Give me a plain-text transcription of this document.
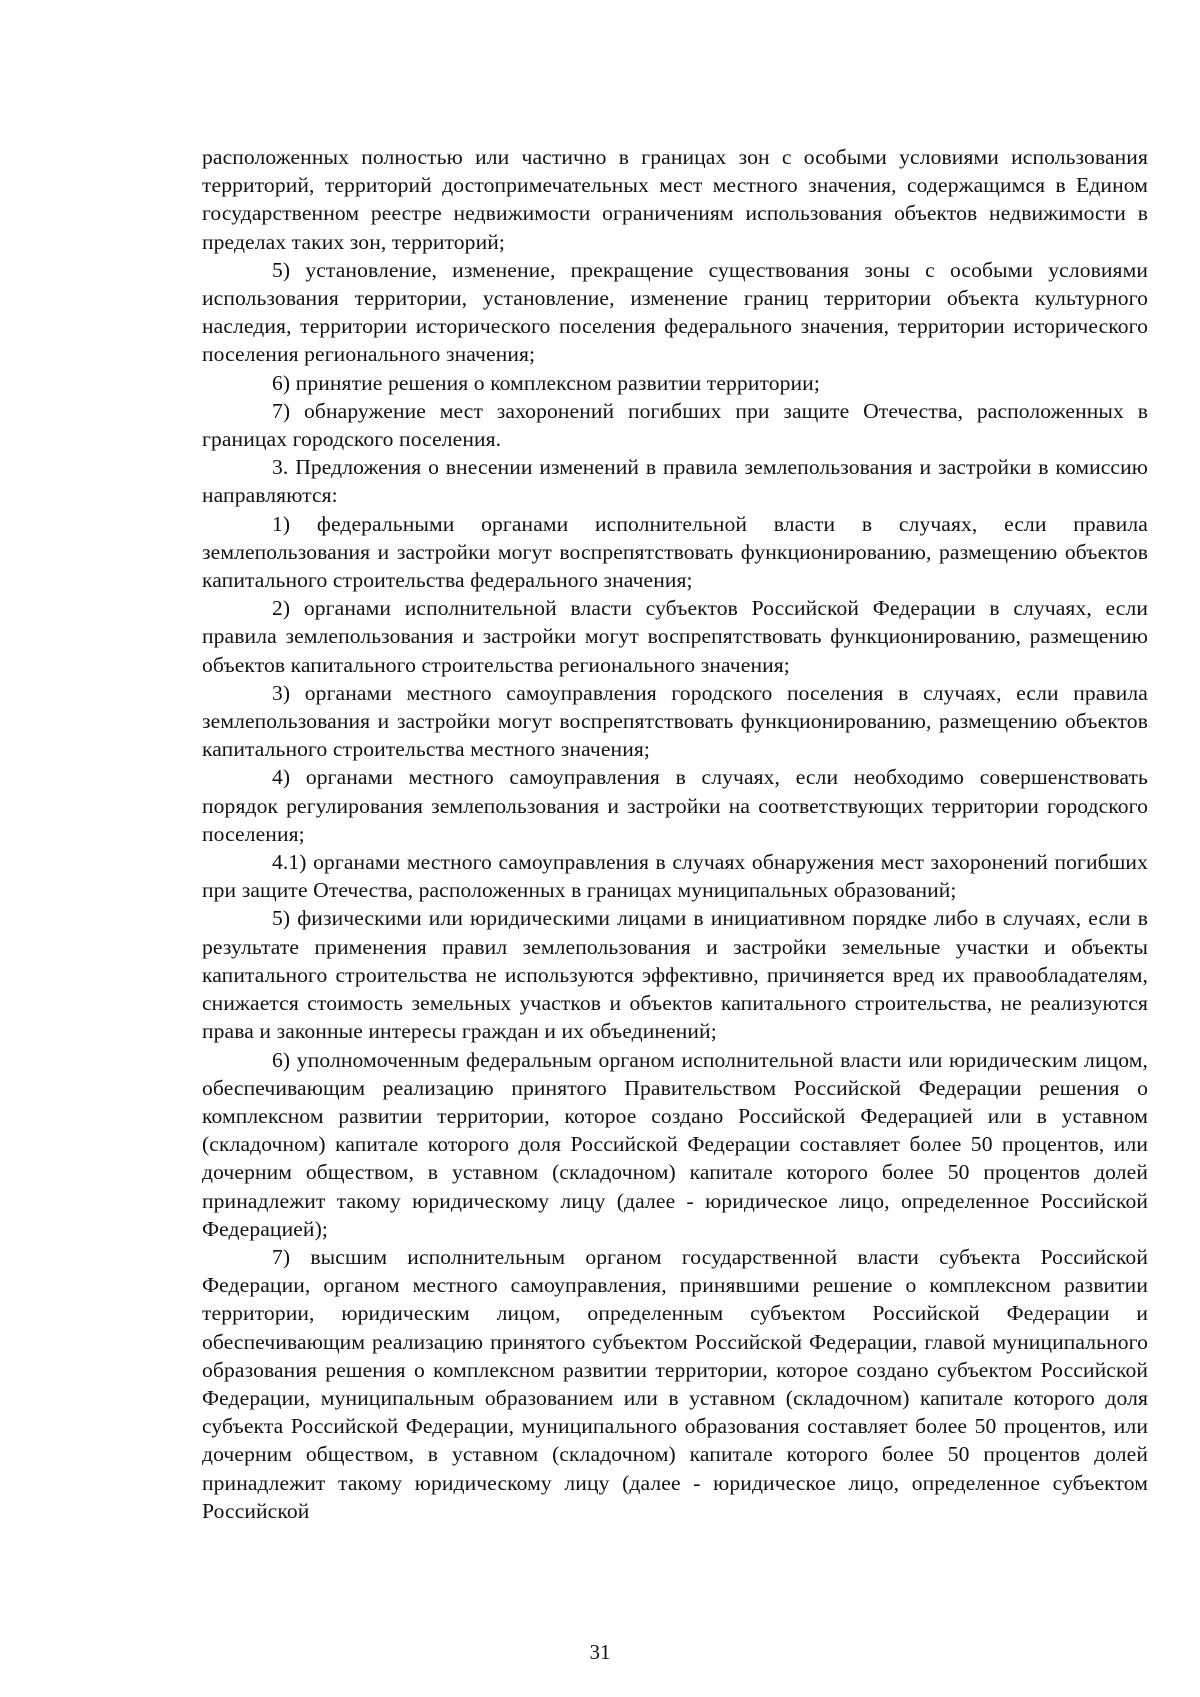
расположенных полностью или частично в границах зон с особыми условиями использования территорий, территорий достопримечательных мест местного значения, содержащимся в Едином государственном реестре недвижимости ограничениям использования объектов недвижимости в пределах таких зон, территорий;

5) установление, изменение, прекращение существования зоны с особыми условиями использования территории, установление, изменение границ территории объекта культурного наследия, территории исторического поселения федерального значения, территории исторического поселения регионального значения;

6) принятие решения о комплексном развитии территории;

7) обнаружение мест захоронений погибших при защите Отечества, расположенных в границах городского поселения.

3. Предложения о внесении изменений в правила землепользования и застройки в комиссию направляются:

1) федеральными органами исполнительной власти в случаях, если правила землепользования и застройки могут воспрепятствовать функционированию, размещению объектов капитального строительства федерального значения;

2) органами исполнительной власти субъектов Российской Федерации в случаях, если правила землепользования и застройки могут воспрепятствовать функционированию, размещению объектов капитального строительства регионального значения;

3) органами местного самоуправления городского поселения в случаях, если правила землепользования и застройки могут воспрепятствовать функционированию, размещению объектов капитального строительства местного значения;

4) органами местного самоуправления в случаях, если необходимо совершенствовать порядок регулирования землепользования и застройки на соответствующих территории городского поселения;

4.1) органами местного самоуправления в случаях обнаружения мест захоронений погибших при защите Отечества, расположенных в границах муниципальных образований;

5) физическими или юридическими лицами в инициативном порядке либо в случаях, если в результате применения правил землепользования и застройки земельные участки и объекты капитального строительства не используются эффективно, причиняется вред их правообладателям, снижается стоимость земельных участков и объектов капитального строительства, не реализуются права и законные интересы граждан и их объединений;

6) уполномоченным федеральным органом исполнительной власти или юридическим лицом, обеспечивающим реализацию принятого Правительством Российской Федерации решения о комплексном развитии территории, которое создано Российской Федерацией или в уставном (складочном) капитале которого доля Российской Федерации составляет более 50 процентов, или дочерним обществом, в уставном (складочном) капитале которого более 50 процентов долей принадлежит такому юридическому лицу (далее - юридическое лицо, определенное Российской Федерацией);

7) высшим исполнительным органом государственной власти субъекта Российской Федерации, органом местного самоуправления, принявшими решение о комплексном развитии территории, юридическим лицом, определенным субъектом Российской Федерации и обеспечивающим реализацию принятого субъектом Российской Федерации, главой муниципального образования решения о комплексном развитии территории, которое создано субъектом Российской Федерации, муниципальным образованием или в уставном (складочном) капитале которого доля субъекта Российской Федерации, муниципального образования составляет более 50 процентов, или дочерним обществом, в уставном (складочном) капитале которого более 50 процентов долей принадлежит такому юридическому лицу (далее - юридическое лицо, определенное субъектом Российской

31
